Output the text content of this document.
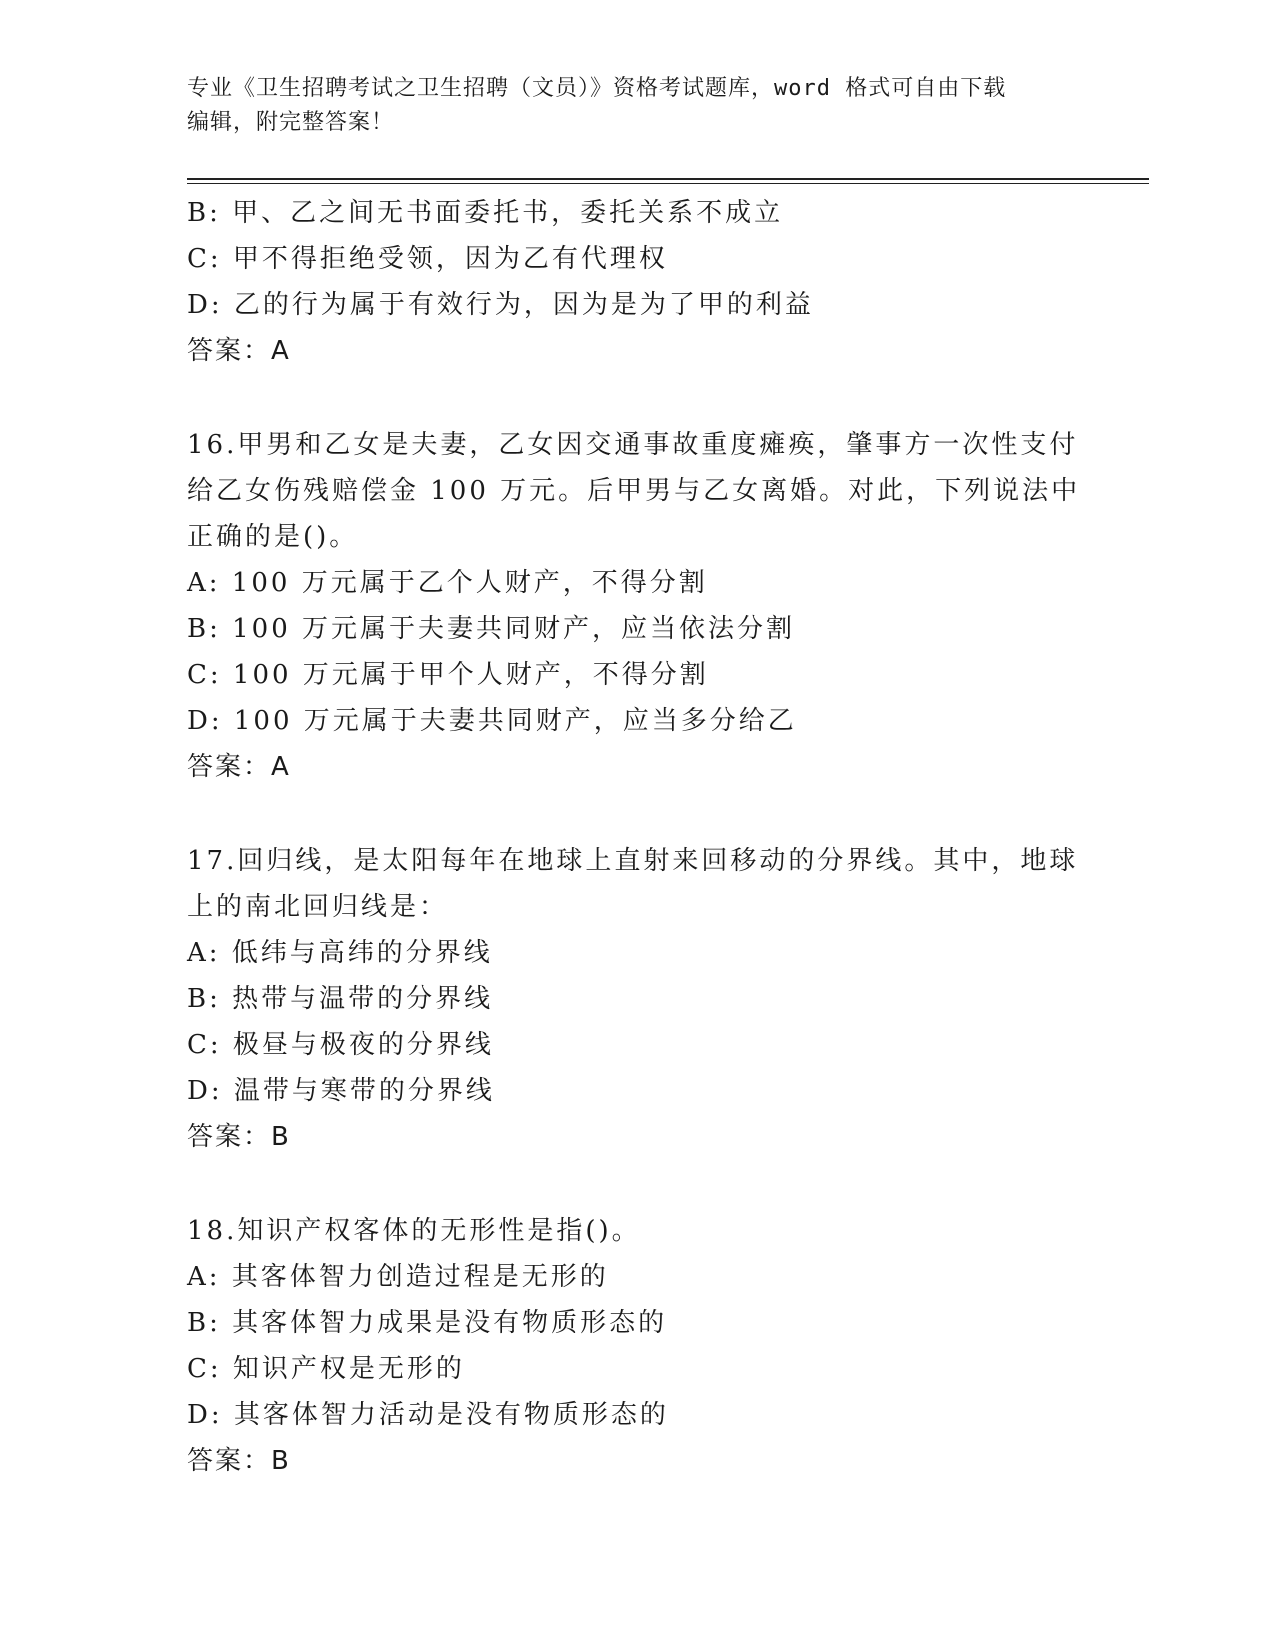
专业《卫生招聘考试之卫生招聘（文员）》资格考试题库，word 格式可自由下载
编辑，附完整答案！
B: 甲、乙之间无书面委托书，委托关系不成立
C: 甲不得拒绝受领，因为乙有代理权
D: 乙的行为属于有效行为，因为是为了甲的利益
答案：A
16.甲男和乙女是夫妻，乙女因交通事故重度瘫痪，肇事方一次性支付
给乙女伤残赔偿金 100 万元。后甲男与乙女离婚。对此，下列说法中
正确的是()。
A: 100 万元属于乙个人财产，不得分割
B: 100 万元属于夫妻共同财产，应当依法分割
C: 100 万元属于甲个人财产，不得分割
D: 100 万元属于夫妻共同财产，应当多分给乙
答案：A
17.回归线，是太阳每年在地球上直射来回移动的分界线。其中，地球
上的南北回归线是：
A: 低纬与高纬的分界线
B: 热带与温带的分界线
C: 极昼与极夜的分界线
D: 温带与寒带的分界线
答案：B
18.知识产权客体的无形性是指()。
A: 其客体智力创造过程是无形的
B: 其客体智力成果是没有物质形态的
C: 知识产权是无形的
D: 其客体智力活动是没有物质形态的
答案：B
